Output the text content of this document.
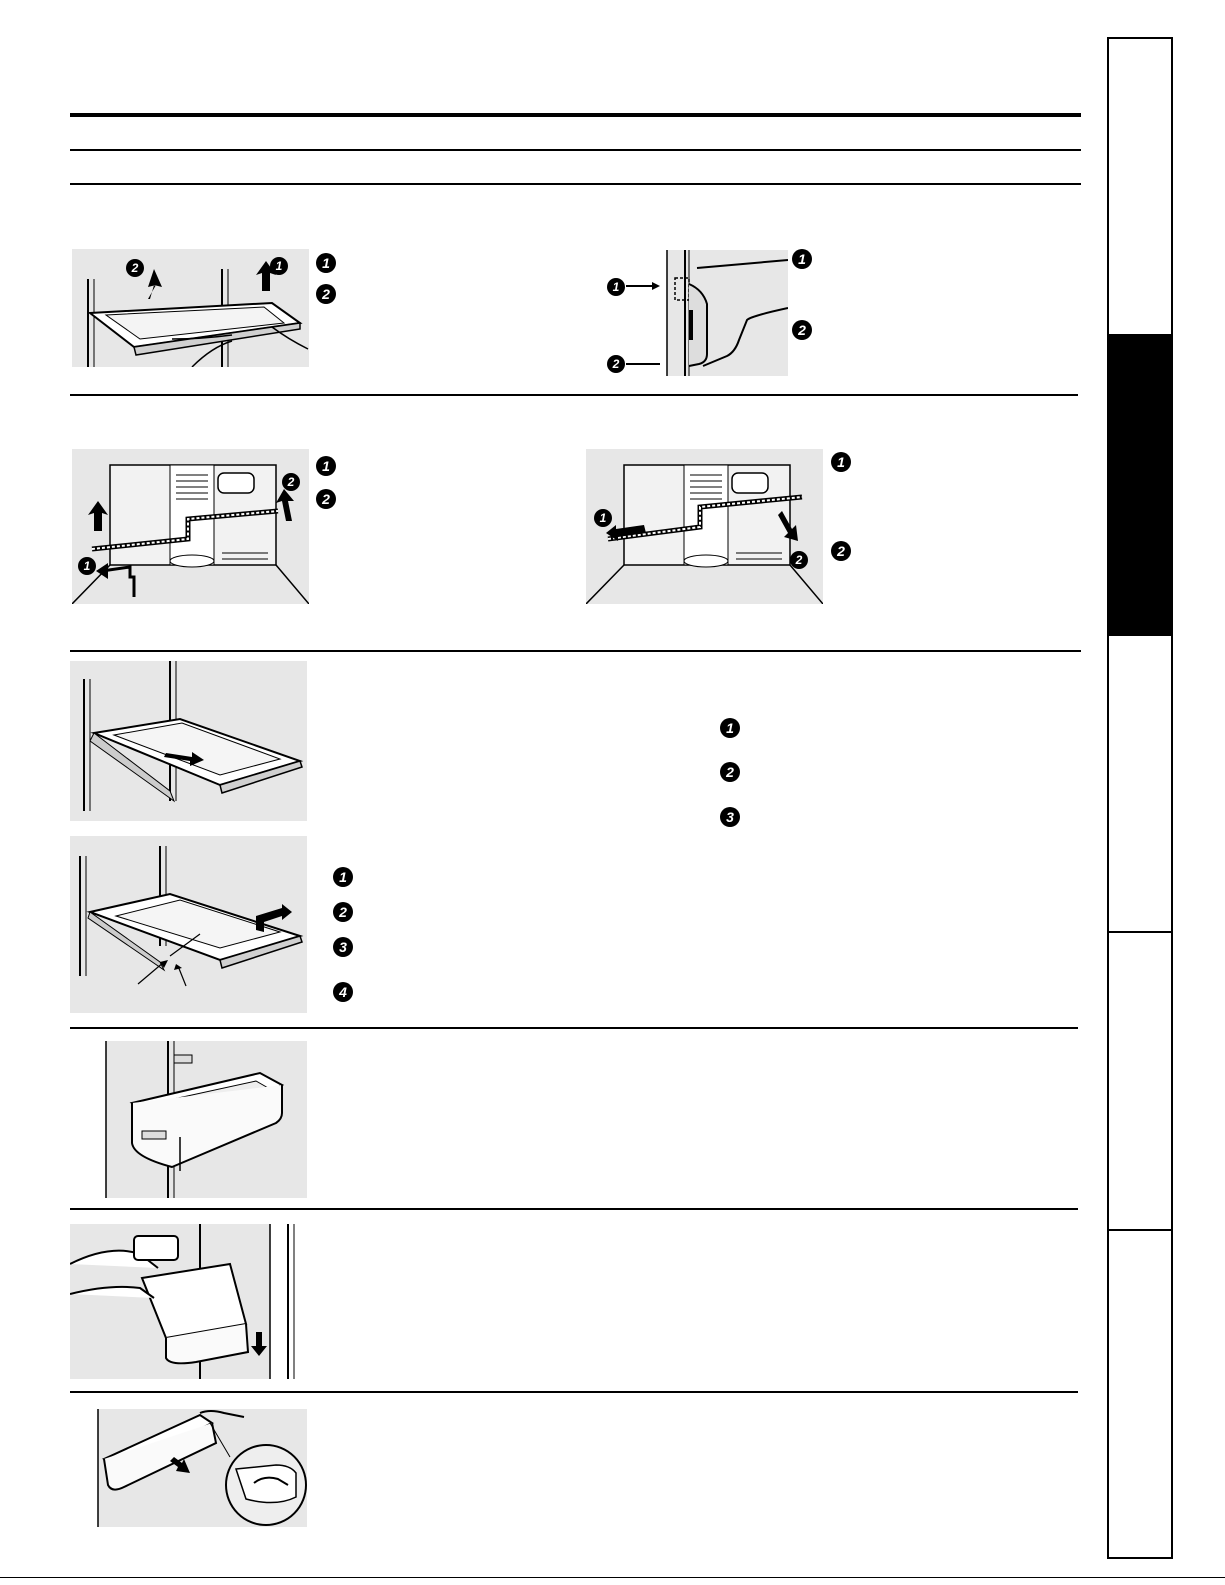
2	1	1
2	1
2
1
2
2
1
1
2
1
2
1
2
1
2
3
1
2
3
4
